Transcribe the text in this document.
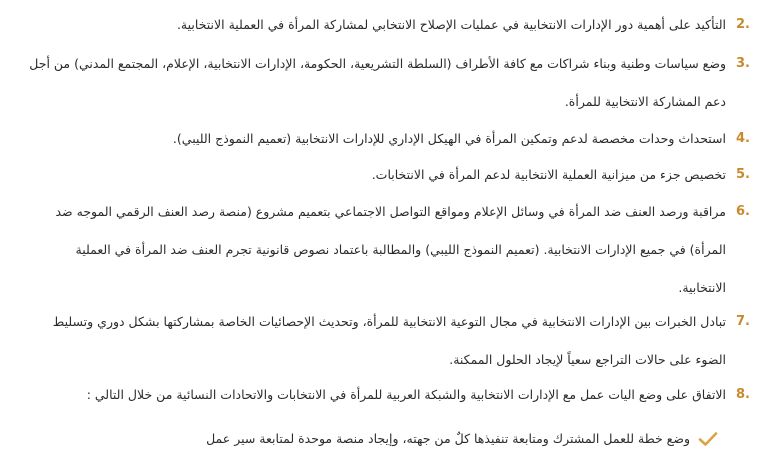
2.
التأكيد على أهمية دور الإدارات الانتخابية في عمليات الإصلاح الانتخابي لمشاركة المرأة في العملية الانتخابية.
3.
وضع سياسات وطنية وبناء شراكات مع كافة الأطراف (السلطة التشريعية، الحكومة، الإدارات الانتخابية، الإعلام، المجتمع المدني) من أجل دعم المشاركة الانتخابية للمرأة.
4.
استحداث وحدات مخصصة لدعم وتمكين المرأة في الهيكل الإداري للإدارات الانتخابية (تعميم النموذج الليبي).
5.
تخصيص جزء من ميزانية العملية الانتخابية لدعم المرأة في الانتخابات.
6.
مراقبة ورصد العنف ضد المرأة في وسائل الإعلام ومواقع التواصل الاجتماعي بتعميم مشروع (منصة رصد العنف الرقمي الموجه ضد المرأة) في جميع الإدارات الانتخابية. (تعميم النموذج الليبي) والمطالبة باعتماد نصوص قانونية تجرم العنف ضد المرأة في العملية الانتخابية.
7.
تبادل الخبرات بين الإدارات الانتخابية في مجال التوعية الانتخابية للمرأة، وتحديث الإحصائيات الخاصة بمشاركتها بشكل دوري وتسليط الضوء على حالات التراجع سعياً لإيجاد الحلول الممكنة.
8.
الاتفاق على وضع اليات عمل مع الإدارات الانتخابية والشبكة العربية للمرأة في الانتخابات والاتحادات النسائية من خلال التالي :
وضع خطة للعمل المشترك ومتابعة تنفيذها كلٌ من جهته، وإيجاد منصة موحدة لمتابعة سير عمل
